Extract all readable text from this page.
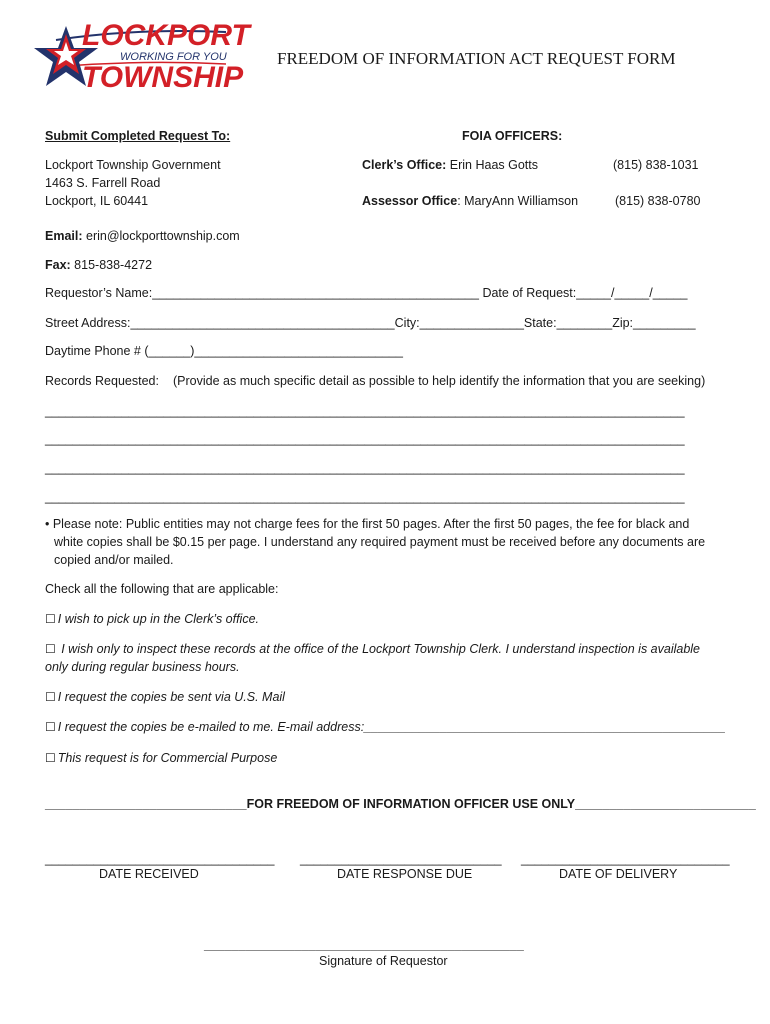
LOCKPORT
WORKING FOR YOU
TOWNSHIP
FREEDOM OF INFORMATION ACT REQUEST FORM
Submit Completed Request To:
Lockport Township Government
1463 S. Farrell Road
Lockport, IL 60441
FOIA OFFICERS:
Clerk’s Office: Erin Haas Gotts	(815) 838-1031
Assessor Office: MaryAnn Williamson	(815) 838-0780
Email: erin@lockporttownship.com
Fax: 815-838-4272
Requestor’s Name:_______________________________________________ Date of Request:_____/_____/_____
Street Address:______________________________________City:_______________State:________Zip:_________
Daytime Phone # (______)______________________________
Records Requested: (Provide as much specific detail as possible to help identify the information that you are seeking)
____________________________________________________________________________________________
____________________________________________________________________________________________
____________________________________________________________________________________________
____________________________________________________________________________________________
• Please note: Public entities may not charge fees for the first 50 pages. After the first 50 pages, the fee for black and
white copies shall be $0.15 per page. I understand any required payment must be received before any documents are
copied and/or mailed.
Check all the following that are applicable:
☐ I wish to pick up in the Clerk’s office.
☐ I wish only to inspect these records at the office of the Lockport Township Clerk. I understand inspection is available
only during regular business hours.
☐ I request the copies be sent via U.S. Mail
☐ I request the copies be e-mailed to me. E-mail address:____________________________________________________
☐ This request is for Commercial Purpose
_____________________________FOR FREEDOM OF INFORMATION OFFICER USE ONLY__________________________
_________________________________ _____________________________ ______________________________
DATE RECEIVED	DATE RESPONSE DUE	DATE OF DELIVERY
______________________________________________
Signature of Requestor
